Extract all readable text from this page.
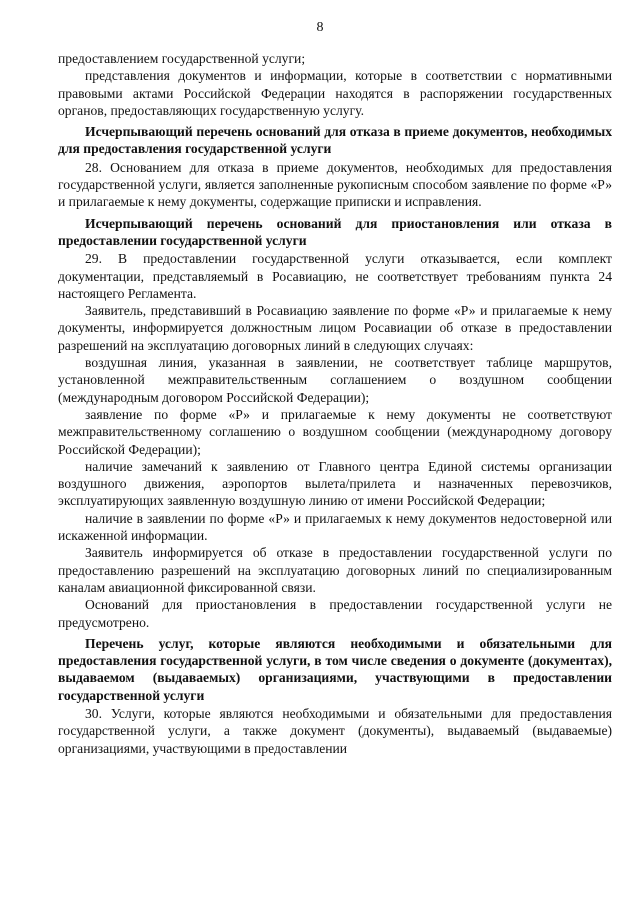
8

предоставлением государственной услуги;

представления документов и информации, которые в соответствии с нормативными правовыми актами Российской Федерации находятся в распоряжении государственных органов, предоставляющих государственную услугу.

Исчерпывающий перечень оснований для отказа в приеме документов, необходимых для предоставления государственной услуги

28. Основанием для отказа в приеме документов, необходимых для предоставления государственной услуги, является заполненные рукописным способом заявление по форме «Р» и прилагаемые к нему документы, содержащие приписки и исправления.

Исчерпывающий перечень оснований для приостановления или отказа в предоставлении государственной услуги

29. В предоставлении государственной услуги отказывается, если комплект документации, представляемый в Росавиацию, не соответствует требованиям пункта 24 настоящего Регламента.

Заявитель, представивший в Росавиацию заявление по форме «Р» и прилагаемые к нему документы, информируется должностным лицом Росавиации об отказе в предоставлении разрешений на эксплуатацию договорных линий в следующих случаях:

воздушная линия, указанная в заявлении, не соответствует таблице маршрутов, установленной межправительственным соглашением о воздушном сообщении (международным договором Российской Федерации);

заявление по форме «Р» и прилагаемые к нему документы не соответствуют межправительственному соглашению о воздушном сообщении (международному договору Российской Федерации);

наличие замечаний к заявлению от Главного центра Единой системы организации воздушного движения, аэропортов вылета/прилета и назначенных перевозчиков, эксплуатирующих заявленную воздушную линию от имени Российской Федерации;

наличие в заявлении по форме «Р» и прилагаемых к нему документов недостоверной или искаженной информации.

Заявитель информируется об отказе в предоставлении государственной услуги по предоставлению разрешений на эксплуатацию договорных линий по специализированным каналам авиационной фиксированной связи.

Оснований для приостановления в предоставлении государственной услуги не предусмотрено.

Перечень услуг, которые являются необходимыми и обязательными для предоставления государственной услуги, в том числе сведения о документе (документах), выдаваемом (выдаваемых) организациями, участвующими в предоставлении государственной услуги

30. Услуги, которые являются необходимыми и обязательными для предоставления государственной услуги, а также документ (документы), выдаваемый (выдаваемые) организациями, участвующими в предоставлении
